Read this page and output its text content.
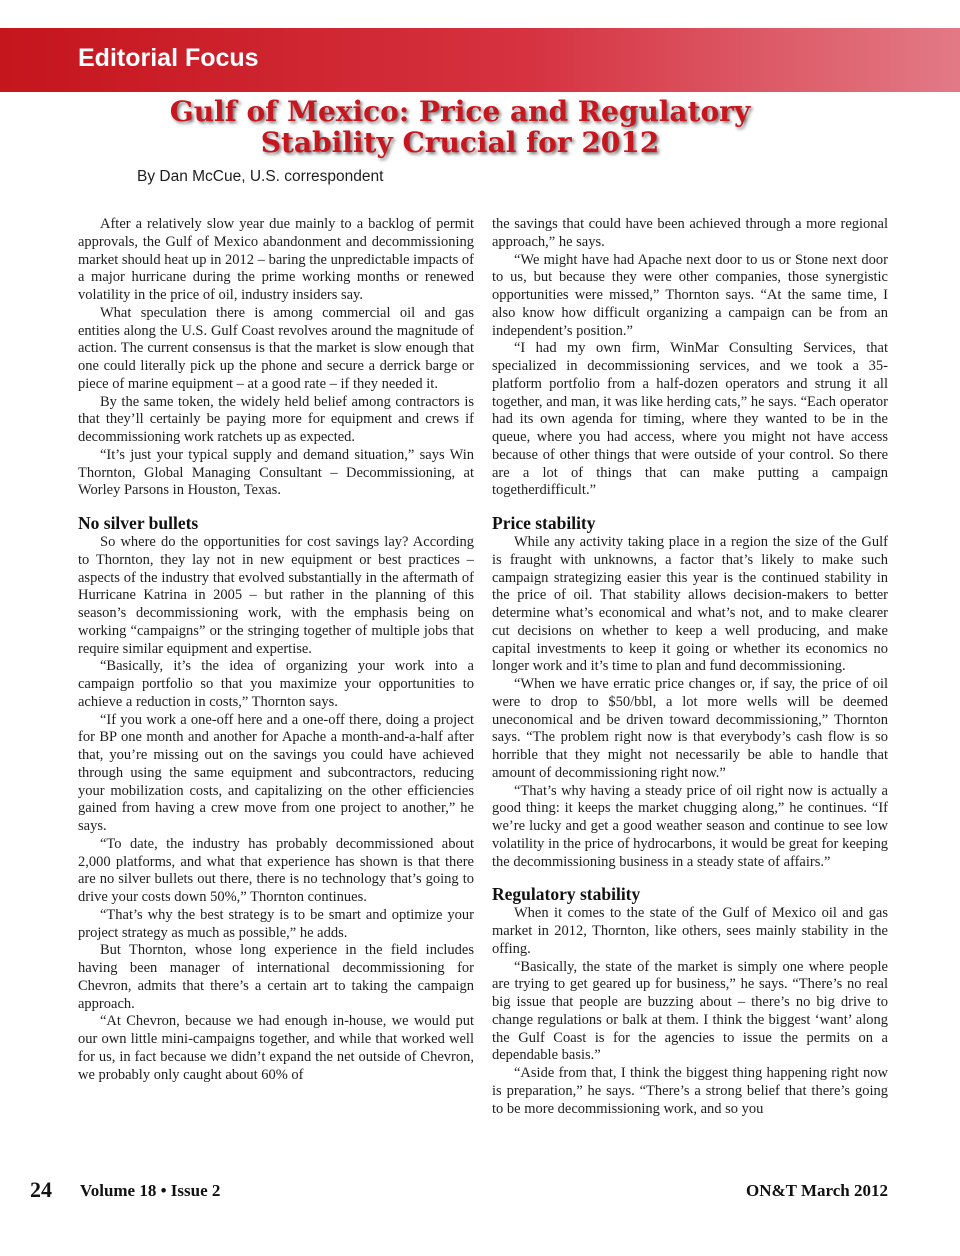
Editorial Focus
Gulf of Mexico: Price and Regulatory
Stability Crucial for 2012
By Dan McCue, U.S. correspondent

After a relatively slow year due mainly to a backlog of permit approvals, the Gulf of Mexico abandonment and decommissioning market should heat up in 2012 – baring the unpredictable impacts of a major hurricane during the prime working months or renewed volatility in the price of oil, industry insiders say.

What speculation there is among commercial oil and gas entities along the U.S. Gulf Coast revolves around the magnitude of action. The current consensus is that the market is slow enough that one could literally pick up the phone and secure a derrick barge or piece of marine equipment – at a good rate – if they needed it.

By the same token, the widely held belief among contractors is that they’ll certainly be paying more for equipment and crews if decommissioning work ratchets up as expected.

“It’s just your typical supply and demand situation,” says Win Thornton, Global Managing Consultant – Decommissioning, at Worley Parsons in Houston, Texas.

No silver bullets

So where do the opportunities for cost savings lay? According to Thornton, they lay not in new equipment or best practices – aspects of the industry that evolved substantially in the aftermath of Hurricane Katrina in 2005 – but rather in the planning of this season’s decommissioning work, with the emphasis being on working “campaigns” or the stringing together of multiple jobs that require similar equipment and expertise.

“Basically, it’s the idea of organizing your work into a campaign portfolio so that you maximize your opportunities to achieve a reduction in costs,” Thornton says.

“If you work a one-off here and a one-off there, doing a project for BP one month and another for Apache a month-and-a-half after that, you’re missing out on the savings you could have achieved through using the same equipment and subcontractors, reducing your mobilization costs, and capitalizing on the other efficiencies gained from having a crew move from one project to another,” he says.

“To date, the industry has probably decommissioned about 2,000 platforms, and what that experience has shown is that there are no silver bullets out there, there is no technology that’s going to drive your costs down 50%,” Thornton continues.

“That’s why the best strategy is to be smart and optimize your project strategy as much as possible,” he adds.

But Thornton, whose long experience in the field includes having been manager of international decommissioning for Chevron, admits that there’s a certain art to taking the campaign approach.

“At Chevron, because we had enough in-house, we would put our own little mini-campaigns together, and while that worked well for us, in fact because we didn’t expand the net outside of Chevron, we probably only caught about 60% of

the savings that could have been achieved through a more regional approach,” he says.

“We might have had Apache next door to us or Stone next door to us, but because they were other companies, those synergistic opportunities were missed,” Thornton says. “At the same time, I also know how difficult organizing a campaign can be from an independent’s position.”

“I had my own firm, WinMar Consulting Services, that specialized in decommissioning services, and we took a 35-platform portfolio from a half-dozen operators and strung it all together, and man, it was like herding cats,” he says. “Each operator had its own agenda for timing, where they wanted to be in the queue, where you had access, where you might not have access because of other things that were outside of your control. So there are a lot of things that can make putting a campaign togetherdifficult.”

Price stability

While any activity taking place in a region the size of the Gulf is fraught with unknowns, a factor that’s likely to make such campaign strategizing easier this year is the continued stability in the price of oil. That stability allows decision-makers to better determine what’s economical and what’s not, and to make clearer cut decisions on whether to keep a well producing, and make capital investments to keep it going or whether its economics no longer work and it’s time to plan and fund decommissioning.

“When we have erratic price changes or, if say, the price of oil were to drop to $50/bbl, a lot more wells will be deemed uneconomical and be driven toward decommissioning,” Thornton says. “The problem right now is that everybody’s cash flow is so horrible that they might not necessarily be able to handle that amount of decommissioning right now.”

“That’s why having a steady price of oil right now is actually a good thing: it keeps the market chugging along,” he continues. “If we’re lucky and get a good weather season and continue to see low volatility in the price of hydrocarbons, it would be great for keeping the decommissioning business in a steady state of affairs.”

Regulatory stability

When it comes to the state of the Gulf of Mexico oil and gas market in 2012, Thornton, like others, sees mainly stability in the offing.

“Basically, the state of the market is simply one where people are trying to get geared up for business,” he says. “There’s no real big issue that people are buzzing about – there’s no big drive to change regulations or balk at them. I think the biggest ‘want’ along the Gulf Coast is for the agencies to issue the permits on a dependable basis.”

“Aside from that, I think the biggest thing happening right now is preparation,” he says. “There’s a strong belief that there’s going to be more decommissioning work, and so you

24 Volume 18 • Issue 2	ON&T March 2012
